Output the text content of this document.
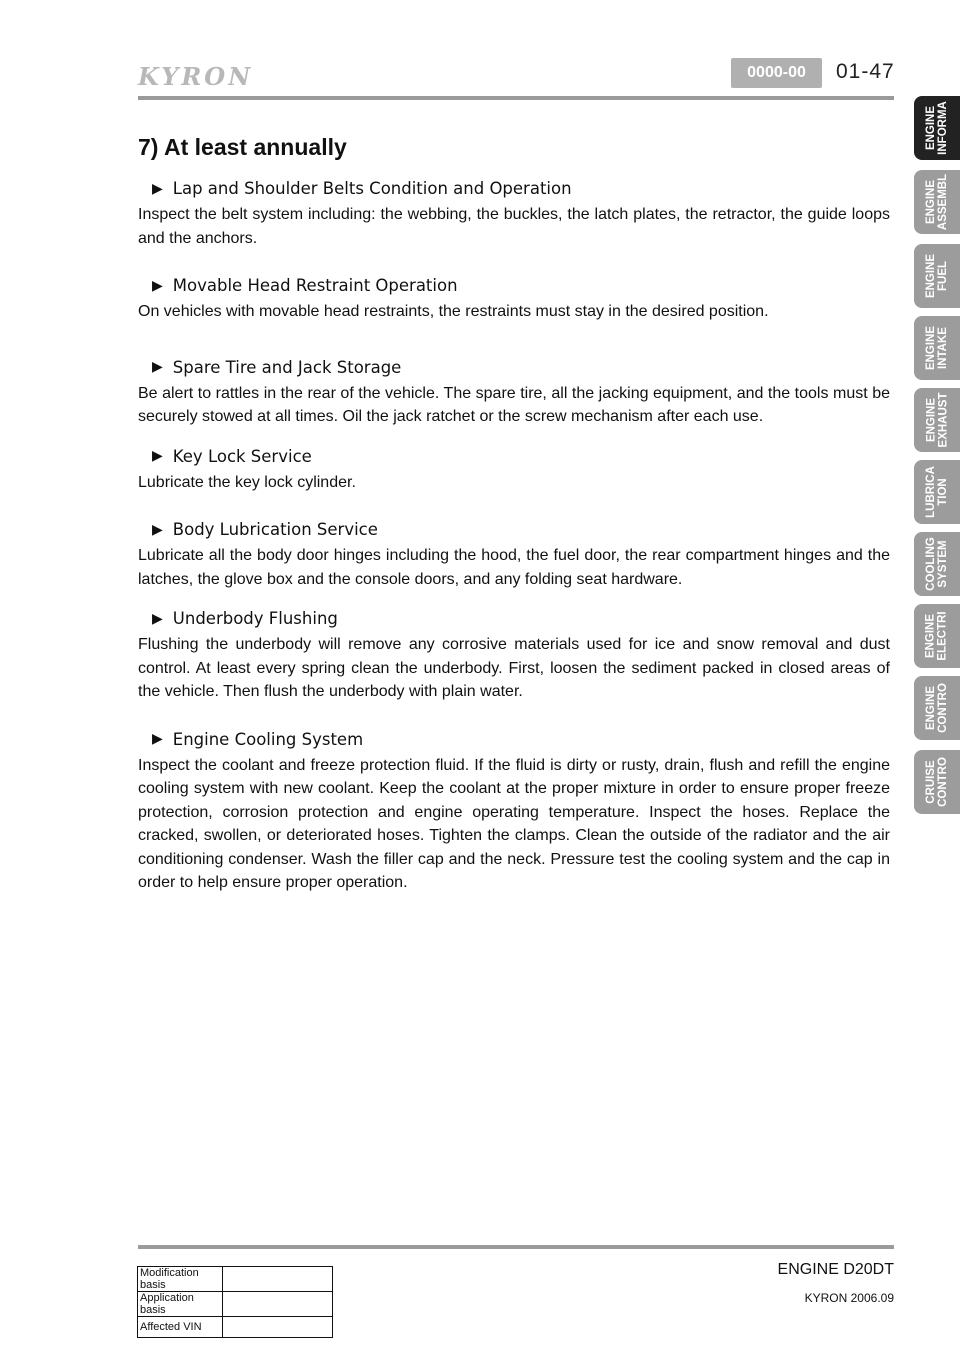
KYRON	0000-00	01-47
7) At least annually
▶ Lap and Shoulder Belts Condition and Operation

Inspect the belt system including: the webbing, the buckles, the latch plates, the retractor, the guide loops and the anchors.

▶ Movable Head Restraint Operation

On vehicles with movable head restraints, the restraints must stay in the desired position.

▶ Spare Tire and Jack Storage

Be alert to rattles in the rear of the vehicle. The spare tire, all the jacking equipment, and the tools must be securely stowed at all times. Oil the jack ratchet or the screw mechanism after each use.

▶ Key Lock Service

Lubricate the key lock cylinder.

▶ Body Lubrication Service

Lubricate all the body door hinges including the hood, the fuel door, the rear compartment hinges and the latches, the glove box and the console doors, and any folding seat hardware.

▶ Underbody Flushing

Flushing the underbody will remove any corrosive materials used for ice and snow removal and dust control. At least every spring clean the underbody. First, loosen the sediment packed in closed areas of the vehicle. Then flush the underbody with plain water.

▶ Engine Cooling System

Inspect the coolant and freeze protection fluid. If the fluid is dirty or rusty, drain, flush and refill the engine cooling system with new coolant. Keep the coolant at the proper mixture in order to ensure proper freeze protection, corrosion protection and engine operating temperature. Inspect the hoses. Replace the cracked, swollen, or deteriorated hoses. Tighten the clamps. Clean the outside of the radiator and the air conditioning condenser. Wash the filler cap and the neck. Pressure test the cooling system and the cap in order to help ensure proper operation.

ENGINE
INFORMA
ENGINE
ASSEMBL
ENGINE
FUEL
ENGINE
INTAKE
ENGINE
EXHAUST
LUBRICA
TION
COOLING
SYSTEM
ENGINE
ELECTRI
ENGINE
CONTRO
CRUISE
CONTRO
ENGINE D20DT
KYRON 2006.09
Modification basis	
Application basis	
Affected VIN	
